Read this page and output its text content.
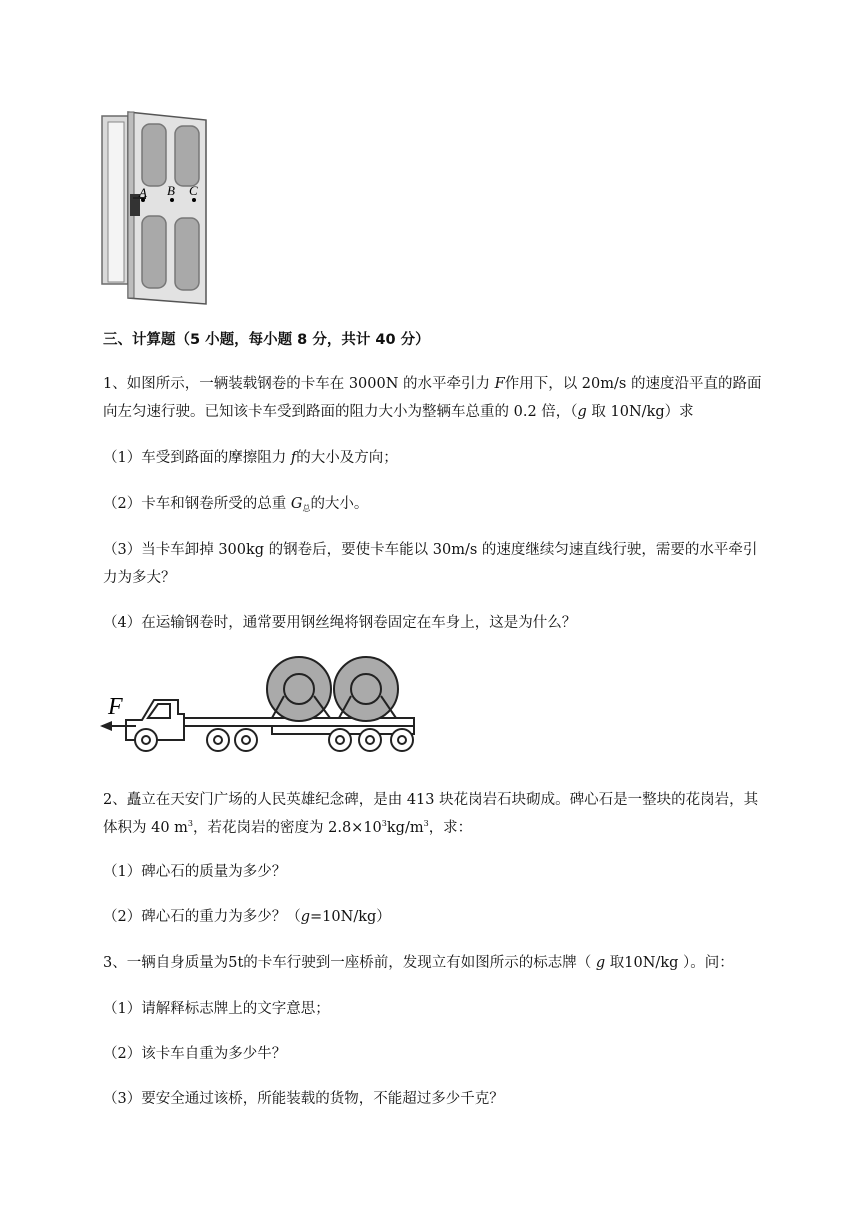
A B C
三、计算题（5 小题，每小题 8 分，共计 40 分）
1、如图所示，一辆装载钢卷的卡车在 3000N 的水平牵引力 F作用下，以 20m/s 的速度沿平直的路面
向左匀速行驶。已知该卡车受到路面的阻力大小为整辆车总重的 0.2 倍，（g 取 10N/kg）求
（1）车受到路面的摩擦阻力 f的大小及方向；
（2）卡车和钢卷所受的总重 $G_总$的大小。
（3）当卡车卸掉 300kg 的钢卷后，要使卡车能以 30m/s 的速度继续匀速直线行驶，需要的水平牵引
力为多大？
（4）在运输钢卷时，通常要用钢丝绳将钢卷固定在车身上，这是为什么？
F
2、矗立在天安门广场的人民英雄纪念碑，是由 413 块花岗岩石块砌成。碑心石是一整块的花岗岩，其
体积为 40 $m^3$，若花岗岩的密度为 $2.8\times 10^3kg/m^3$，求：
（1）碑心石的质量为多少？
（2）碑心石的重力为多少？（g=10N/kg）
3、一辆自身质量为5t的卡车行驶到一座桥前，发现立有如图所示的标志牌（ g 取10N/kg ）。问：
（1）请解释标志牌上的文字意思；
（2）该卡车自重为多少牛？
（3）要安全通过该桥，所能装载的货物，不能超过多少千克？
